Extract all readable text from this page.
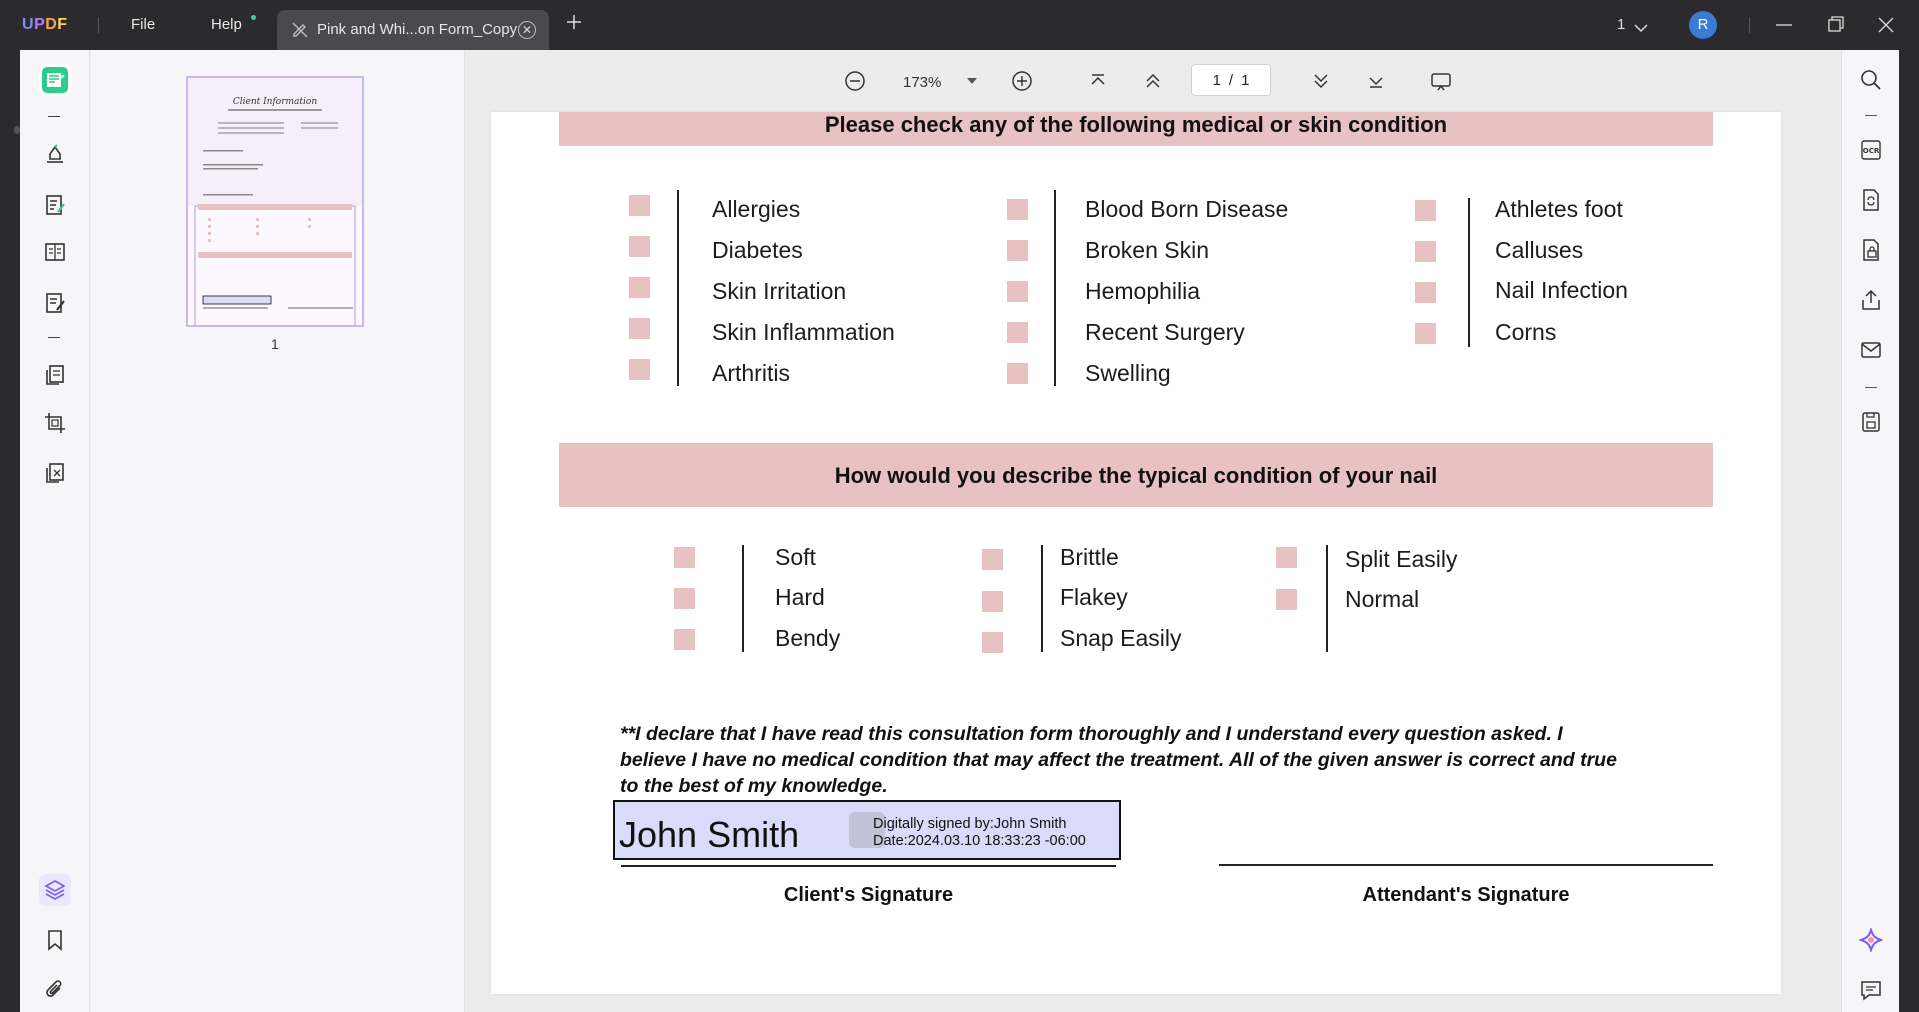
UPDF	File	Help	Pink and Whi...on Form_Copy ✕	1	R
Client Information
1
173%	1 / 1
OCR
Please check any of the following medical or skin condition
Allergies
Diabetes
Skin Irritation
Skin Inflammation
Arthritis
Blood Born Disease
Broken Skin
Hemophilia
Recent Surgery
Swelling
Athletes foot
Calluses
Nail Infection
Corns
How would you describe the typical condition of your nail
Soft
Hard
Bendy
Brittle
Flakey
Snap Easily
Split Easily
Normal
**I declare that I have read this consultation form thoroughly and I understand every question asked. I believe I have no medical condition that may affect the treatment. All of the given answer is correct and true to the best of my knowledge.
John Smith	Digitally signed by:John Smith
Date:2024.03.10 18:33:23 -06:00
Client's Signature	Attendant's Signature
